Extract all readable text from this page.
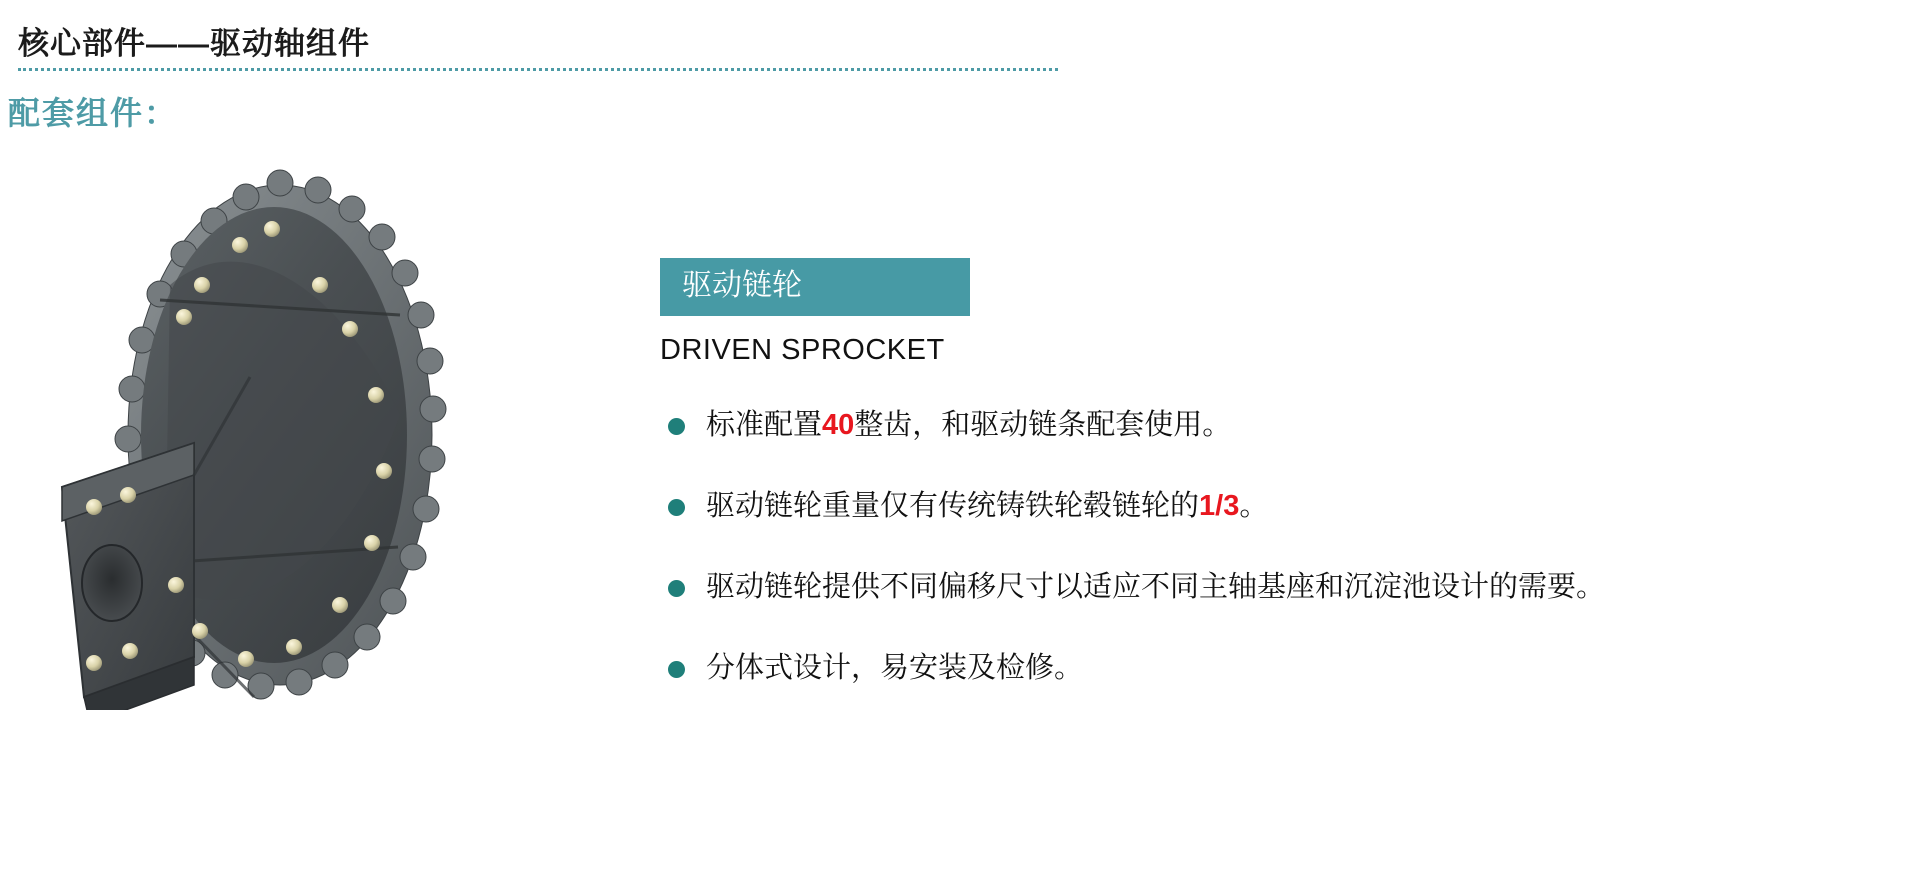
核心部件——驱动轴组件
配套组件：
驱动链轮
DRIVEN SPROCKET
标准配置40整齿，和驱动链条配套使用。
驱动链轮重量仅有传统铸铁轮毂链轮的1/3。
驱动链轮提供不同偏移尺寸以适应不同主轴基座和沉淀池设计的需要。
分体式设计，易安装及检修。
